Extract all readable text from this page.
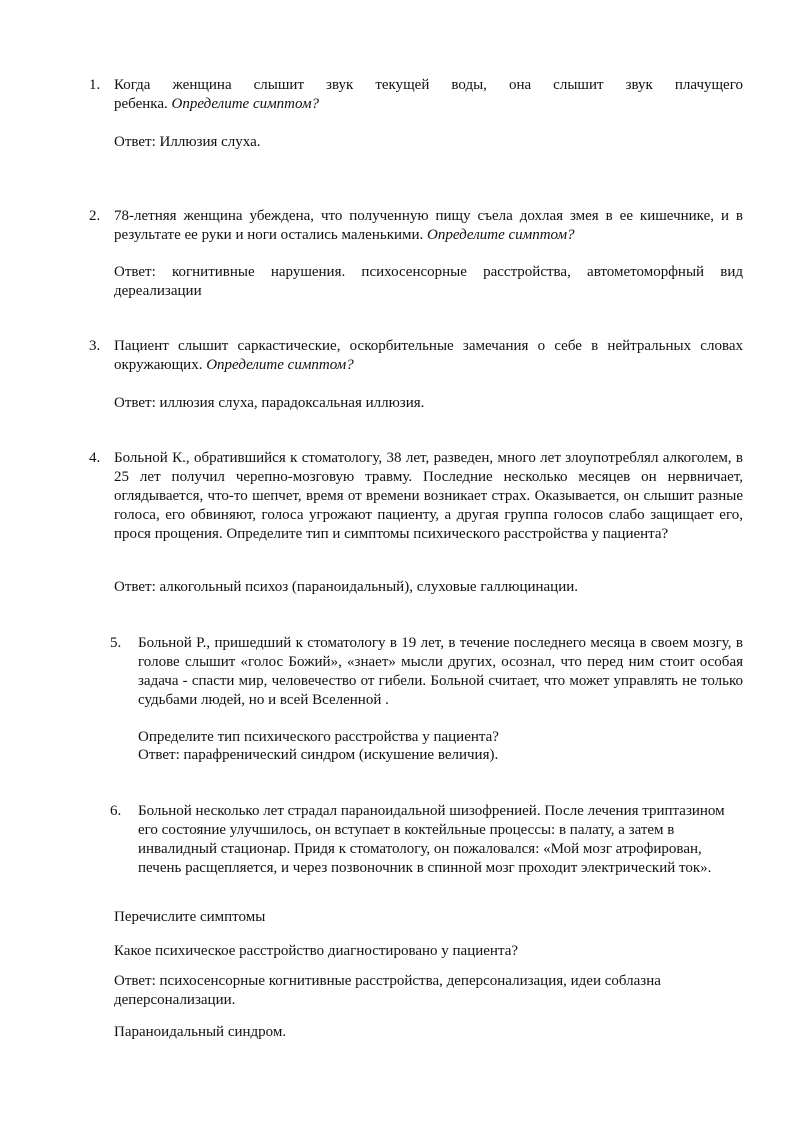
1. Когда женщина слышит звук текущей воды, она слышит звук плачущего

ребенка. Определите симптом?

Ответ: Иллюзия слуха.

2. 78-летняя женщина убеждена, что полученную пищу съела дохлая змея в ее кишечнике, и в результате ее руки и ноги остались маленькими. Определите симптом?

Ответ: когнитивные нарушения. психосенсорные расстройства, автометоморфный вид дереализации

3. Пациент слышит саркастические, оскорбительные замечания о себе в нейтральных словах окружающих. Определите симптом?

Ответ: иллюзия слуха, парадоксальная иллюзия.

4. Больной К., обратившийся к стоматологу, 38 лет, разведен, много лет злоупотреблял алкоголем, в 25 лет получил черепно-мозговую травму. Последние несколько месяцев он нервничает, оглядывается, что-то шепчет, время от времени возникает страх. Оказывается, он слышит разные голоса, его обвиняют, голоса угрожают пациенту, а другая группа голосов слабо защищает его, прося прощения. Определите тип и симптомы психического расстройства у пациента?

Ответ: алкогольный психоз (параноидальный), слуховые галлюцинации.

5. Больной Р., пришедший к стоматологу в 19 лет, в течение последнего месяца в своем мозгу, в голове слышит «голос Божий», «знает» мысли других, осознал, что перед ним стоит особая задача - спасти мир, человечество от гибели. Больной считает, что может управлять не только судьбами людей, но и всей Вселенной .

Определите тип психического расстройства у пациента?

Ответ: парафренический синдром (искушение величия).

6. Больной несколько лет страдал параноидальной шизофренией. После лечения триптазином его состояние улучшилось, он вступает в коктейльные процессы: в палату, а затем в инвалидный стационар. Придя к стоматологу, он пожаловался: «Мой мозг атрофирован, печень расщепляется, и через позвоночник в спинной мозг проходит электрический ток».

Перечислите симптомы

Какое психическое расстройство диагностировано у пациента?

Ответ: психосенсорные когнитивные расстройства, деперсонализация, идеи соблазна деперсонализации.

Параноидальный синдром.
